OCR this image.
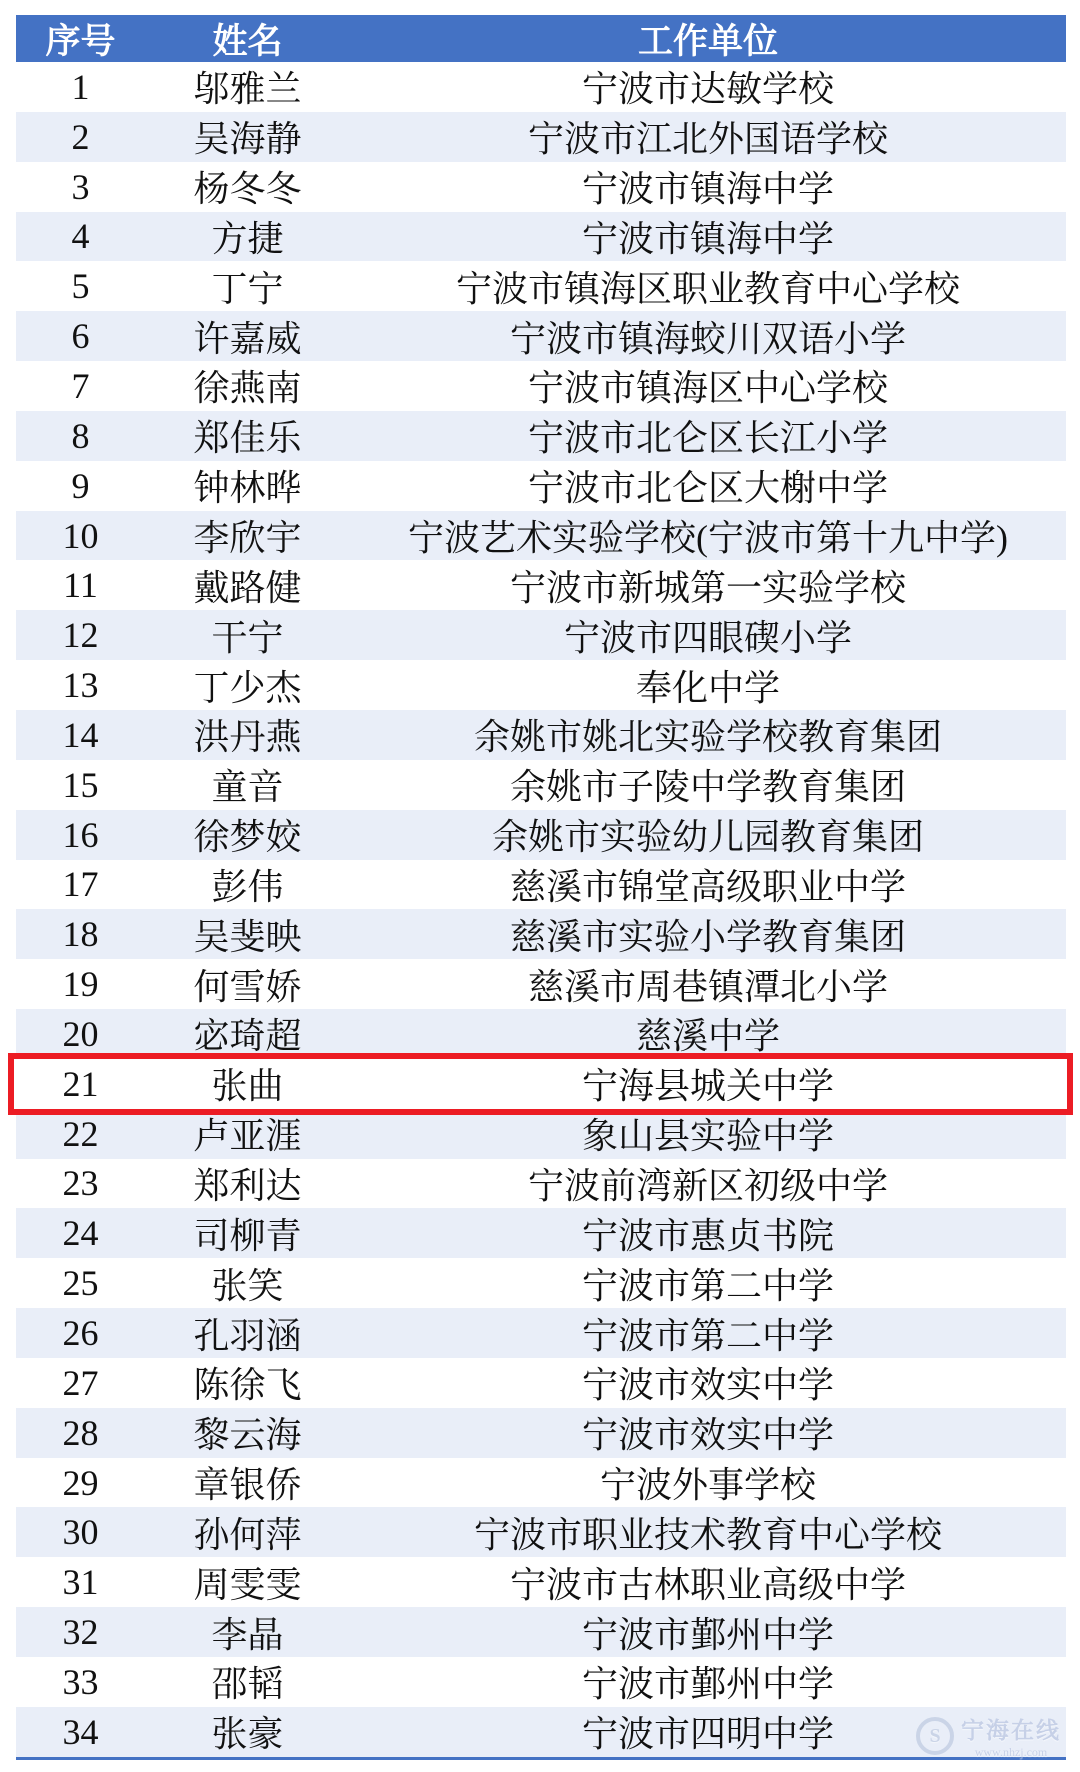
序号	姓名	工作单位
1	邬雅兰	宁波市达敏学校
2	吴海静	宁波市江北外国语学校
3	杨冬冬	宁波市镇海中学
4	方捷	宁波市镇海中学
5	丁宁	宁波市镇海区职业教育中心学校
6	许嘉威	宁波市镇海蛟川双语小学
7	徐燕南	宁波市镇海区中心学校
8	郑佳乐	宁波市北仑区长江小学
9	钟林晔	宁波市北仑区大榭中学
10	李欣宇	宁波艺术实验学校(宁波市第十九中学)
11	戴路健	宁波市新城第一实验学校
12	干宁	宁波市四眼碶小学
13	丁少杰	奉化中学
14	洪丹燕	余姚市姚北实验学校教育集团
15	童音	余姚市子陵中学教育集团
16	徐梦姣	余姚市实验幼儿园教育集团
17	彭伟	慈溪市锦堂高级职业中学
18	吴斐映	慈溪市实验小学教育集团
19	何雪娇	慈溪市周巷镇潭北小学
20	宓琦超	慈溪中学
21	张曲	宁海县城关中学
22	卢亚涯	象山县实验中学
23	郑利达	宁波前湾新区初级中学
24	司柳青	宁波市惠贞书院
25	张笑	宁波市第二中学
26	孔羽涵	宁波市第二中学
27	陈徐飞	宁波市效实中学
28	黎云海	宁波市效实中学
29	章银侨	宁波外事学校
30	孙何萍	宁波市职业技术教育中心学校
31	周雯雯	宁波市古林职业高级中学
32	李晶	宁波市鄞州中学
33	邵韬	宁波市鄞州中学
34	张豪	宁波市四明中学	S 宁海在线
www.nhzj.com
